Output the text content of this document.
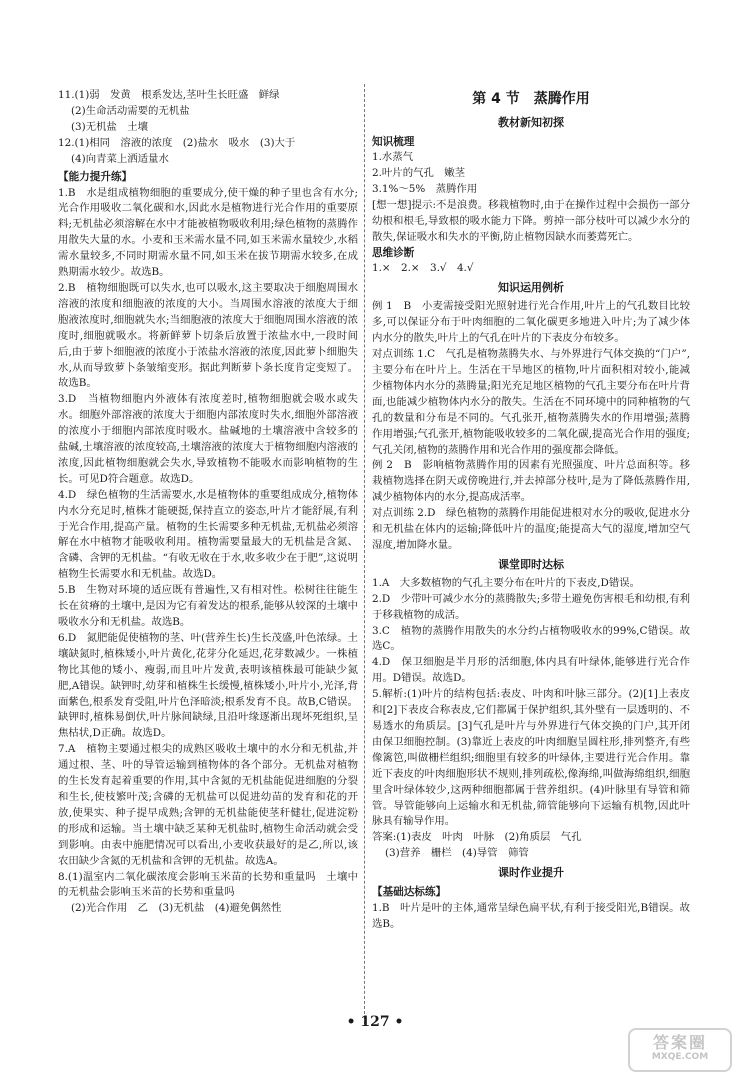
11.(1)弱　发黄　根系发达,茎叶生长旺盛　鲜绿

(2)生命活动需要的无机盐

(3)无机盐　土壤

12.(1)相同　溶液的浓度　(2)盐水　吸水　(3)大于

(4)向青菜上洒适量水

【能力提升练】

1.B　水是组成植物细胞的重要成分,使干燥的种子里也含有水分;光合作用吸收二氧化碳和水,因此水是植物进行光合作用的重要原料;无机盐必须溶解在水中才能被植物吸收利用;绿色植物的蒸腾作用散失大量的水。小麦和玉米需水量不同,如玉米需水量较少,水稻需水量较多,不同时期需水量不同,如玉米在拔节期需水较多,在成熟期需水较少。故选B。

2.B　植物细胞既可以失水,也可以吸水,这主要取决于细胞周围水溶液的浓度和细胞液的浓度的大小。当周围水溶液的浓度大于细胞液浓度时,细胞就失水;当细胞液的浓度大于细胞周围水溶液的浓度时,细胞就吸水。将新鲜萝卜切条后放置于浓盐水中,一段时间后,由于萝卜细胞液的浓度小于浓盐水溶液的浓度,因此萝卜细胞失水,从而导致萝卜条皱缩变形。据此判断萝卜条长度肯定变短了。故选B。

3.D　当植物细胞内外液体有浓度差时,植物细胞就会吸水或失水。细胞外部溶液的浓度大于细胞内部浓度时失水,细胞外部溶液的浓度小于细胞内部浓度时吸水。盐碱地的土壤溶液中含较多的盐碱,土壤溶液的浓度较高,土壤溶液的浓度大于植物细胞内溶液的浓度,因此植物细胞就会失水,导致植物不能吸水而影响植物的生长。可见D符合题意。故选D。

4.D　绿色植物的生活需要水,水是植物体的重要组成成分,植物体内水分充足时,植株才能硬挺,保持直立的姿态,叶片才能舒展,有利于光合作用,提高产量。植物的生长需要多种无机盐,无机盐必须溶解在水中植物才能吸收利用。植物需要量最大的无机盐是含氮、含磷、含钾的无机盐。“有收无收在于水,收多收少在于肥”,这说明植物生长需要水和无机盐。故选D。

5.B　生物对环境的适应既有普遍性,又有相对性。松树往往能生长在贫瘠的土壤中,是因为它有着发达的根系,能够从较深的土壤中吸收水分和无机盐。故选B。

6.D　氮肥能促使植物的茎、叶(营养生长)生长茂盛,叶色浓绿。土壤缺氮时,植株矮小,叶片黄化,花芽分化延迟,花芽数减少。一株植物比其他的矮小、瘦弱,而且叶片发黄,表明该植株最可能缺少氮肥,A错误。缺钾时,幼芽和植株生长缓慢,植株矮小,叶片小,光泽,背面紫色,根系发育受阻,叶片色泽暗淡;根系发育不良。故B,C错误。缺钾时,植株易倒伏,叶片脉间缺绿,且沿叶缘逐渐出现坏死组织,呈焦枯状,D正确。故选D。

7.A　植物主要通过根尖的成熟区吸收土壤中的水分和无机盐,并通过根、茎、叶的导管运输到植物体的各个部分。无机盐对植物的生长发育起着重要的作用,其中含氮的无机盐能促进细胞的分裂和生长,使枝繁叶茂;含磷的无机盐可以促进幼苗的发育和花的开放,使果实、种子提早成熟;含钾的无机盐能使茎秆健壮,促进淀粉的形成和运输。当土壤中缺乏某种无机盐时,植物生命活动就会受到影响。由表中施肥情况可以看出,小麦收获最好的是乙,所以,该农田缺少含氮的无机盐和含钾的无机盐。故选A。

8.(1)温室内二氧化碳浓度会影响玉米苗的长势和重量吗　土壤中的无机盐会影响玉米苗的长势和重量吗

(2)光合作用　乙　(3)无机盐　(4)避免偶然性

第 4 节　蒸腾作用

教材新知初探

知识梳理

1.水蒸气

2.叶片的气孔　嫩茎

3.1%～5%　蒸腾作用

[想一想]提示:不是浪费。移栽植物时,由于在操作过程中会损伤一部分幼根和根毛,导致根的吸水能力下降。剪掉一部分枝叶可以减少水分的散失,保证吸水和失水的平衡,防止植物因缺水而萎蔫死亡。

思维诊断

1.×　2.×　3.√　4.√

知识运用例析

例 1　B　小麦需接受阳光照射进行光合作用,叶片上的气孔数目比较多,可以保证分布于叶肉细胞的二氧化碳更多地进入叶片;为了减少体内水分的散失,叶片上的气孔在叶片的下表皮分布较多。

对点训练 1.C　气孔是植物蒸腾失水、与外界进行气体交换的“门户”,主要分布在叶片上。生活在干旱地区的植物,叶片面积相对较小,能减少植物体内水分的蒸腾量;阳光充足地区植物的气孔主要分布在叶片背面,也能减少植物体内水分的散失。生活在不同环境中的同种植物的气孔的数量和分布是不同的。气孔张开,植物蒸腾失水的作用增强;蒸腾作用增强;气孔张开,植物能吸收较多的二氧化碳,提高光合作用的强度;气孔关闭,植物的蒸腾作用和光合作用的强度都会降低。

例 2　B　影响植物蒸腾作用的因素有光照强度、叶片总面积等。移栽植物选择在阴天或傍晚进行,并去掉部分枝叶,是为了降低蒸腾作用,减少植物体内的水分,提高成活率。

对点训练 2.D　绿色植物的蒸腾作用能促进根对水分的吸收,促进水分和无机盐在体内的运输;降低叶片的温度;能提高大气的湿度,增加空气湿度,增加降水量。

课堂即时达标

1.A　大多数植物的气孔主要分布在叶片的下表皮,D错误。

2.D　少带叶可减少水分的蒸腾散失;多带土避免伤害根毛和幼根,有利于移栽植物的成活。

3.C　植物的蒸腾作用散失的水分约占植物吸收水的99%,C错误。故选C。

4.D　保卫细胞是半月形的活细胞,体内具有叶绿体,能够进行光合作用。D错误。故选D。

5.解析:(1)叶片的结构包括:表皮、叶肉和叶脉三部分。(2)[1]上表皮和[2]下表皮合称表皮,它们都属于保护组织,其外壁有一层透明的、不易透水的角质层。[3]气孔是叶片与外界进行气体交换的门户,其开闭由保卫细胞控制。(3)靠近上表皮的叶肉细胞呈圆柱形,排列整齐,有些像篱笆,叫做栅栏组织;细胞里有较多的叶绿体,主要进行光合作用。靠近下表皮的叶肉细胞形状不规则,排列疏松,像海绵,叫做海绵组织,细胞里含叶绿体较少,这两种细胞都属于营养组织。(4)叶脉里有导管和筛管。导管能够向上运输水和无机盐,筛管能够向下运输有机物,因此叶脉具有输导作用。

答案:(1)表皮　叶肉　叶脉　(2)角质层　气孔

(3)营养　栅栏　(4)导管　筛管

课时作业提升

【基础达标练】

1.B　叶片是叶的主体,通常呈绿色扁平状,有利于接受阳光,B错误。故选B。

• 127 •
答案圈
MXQE.COM
